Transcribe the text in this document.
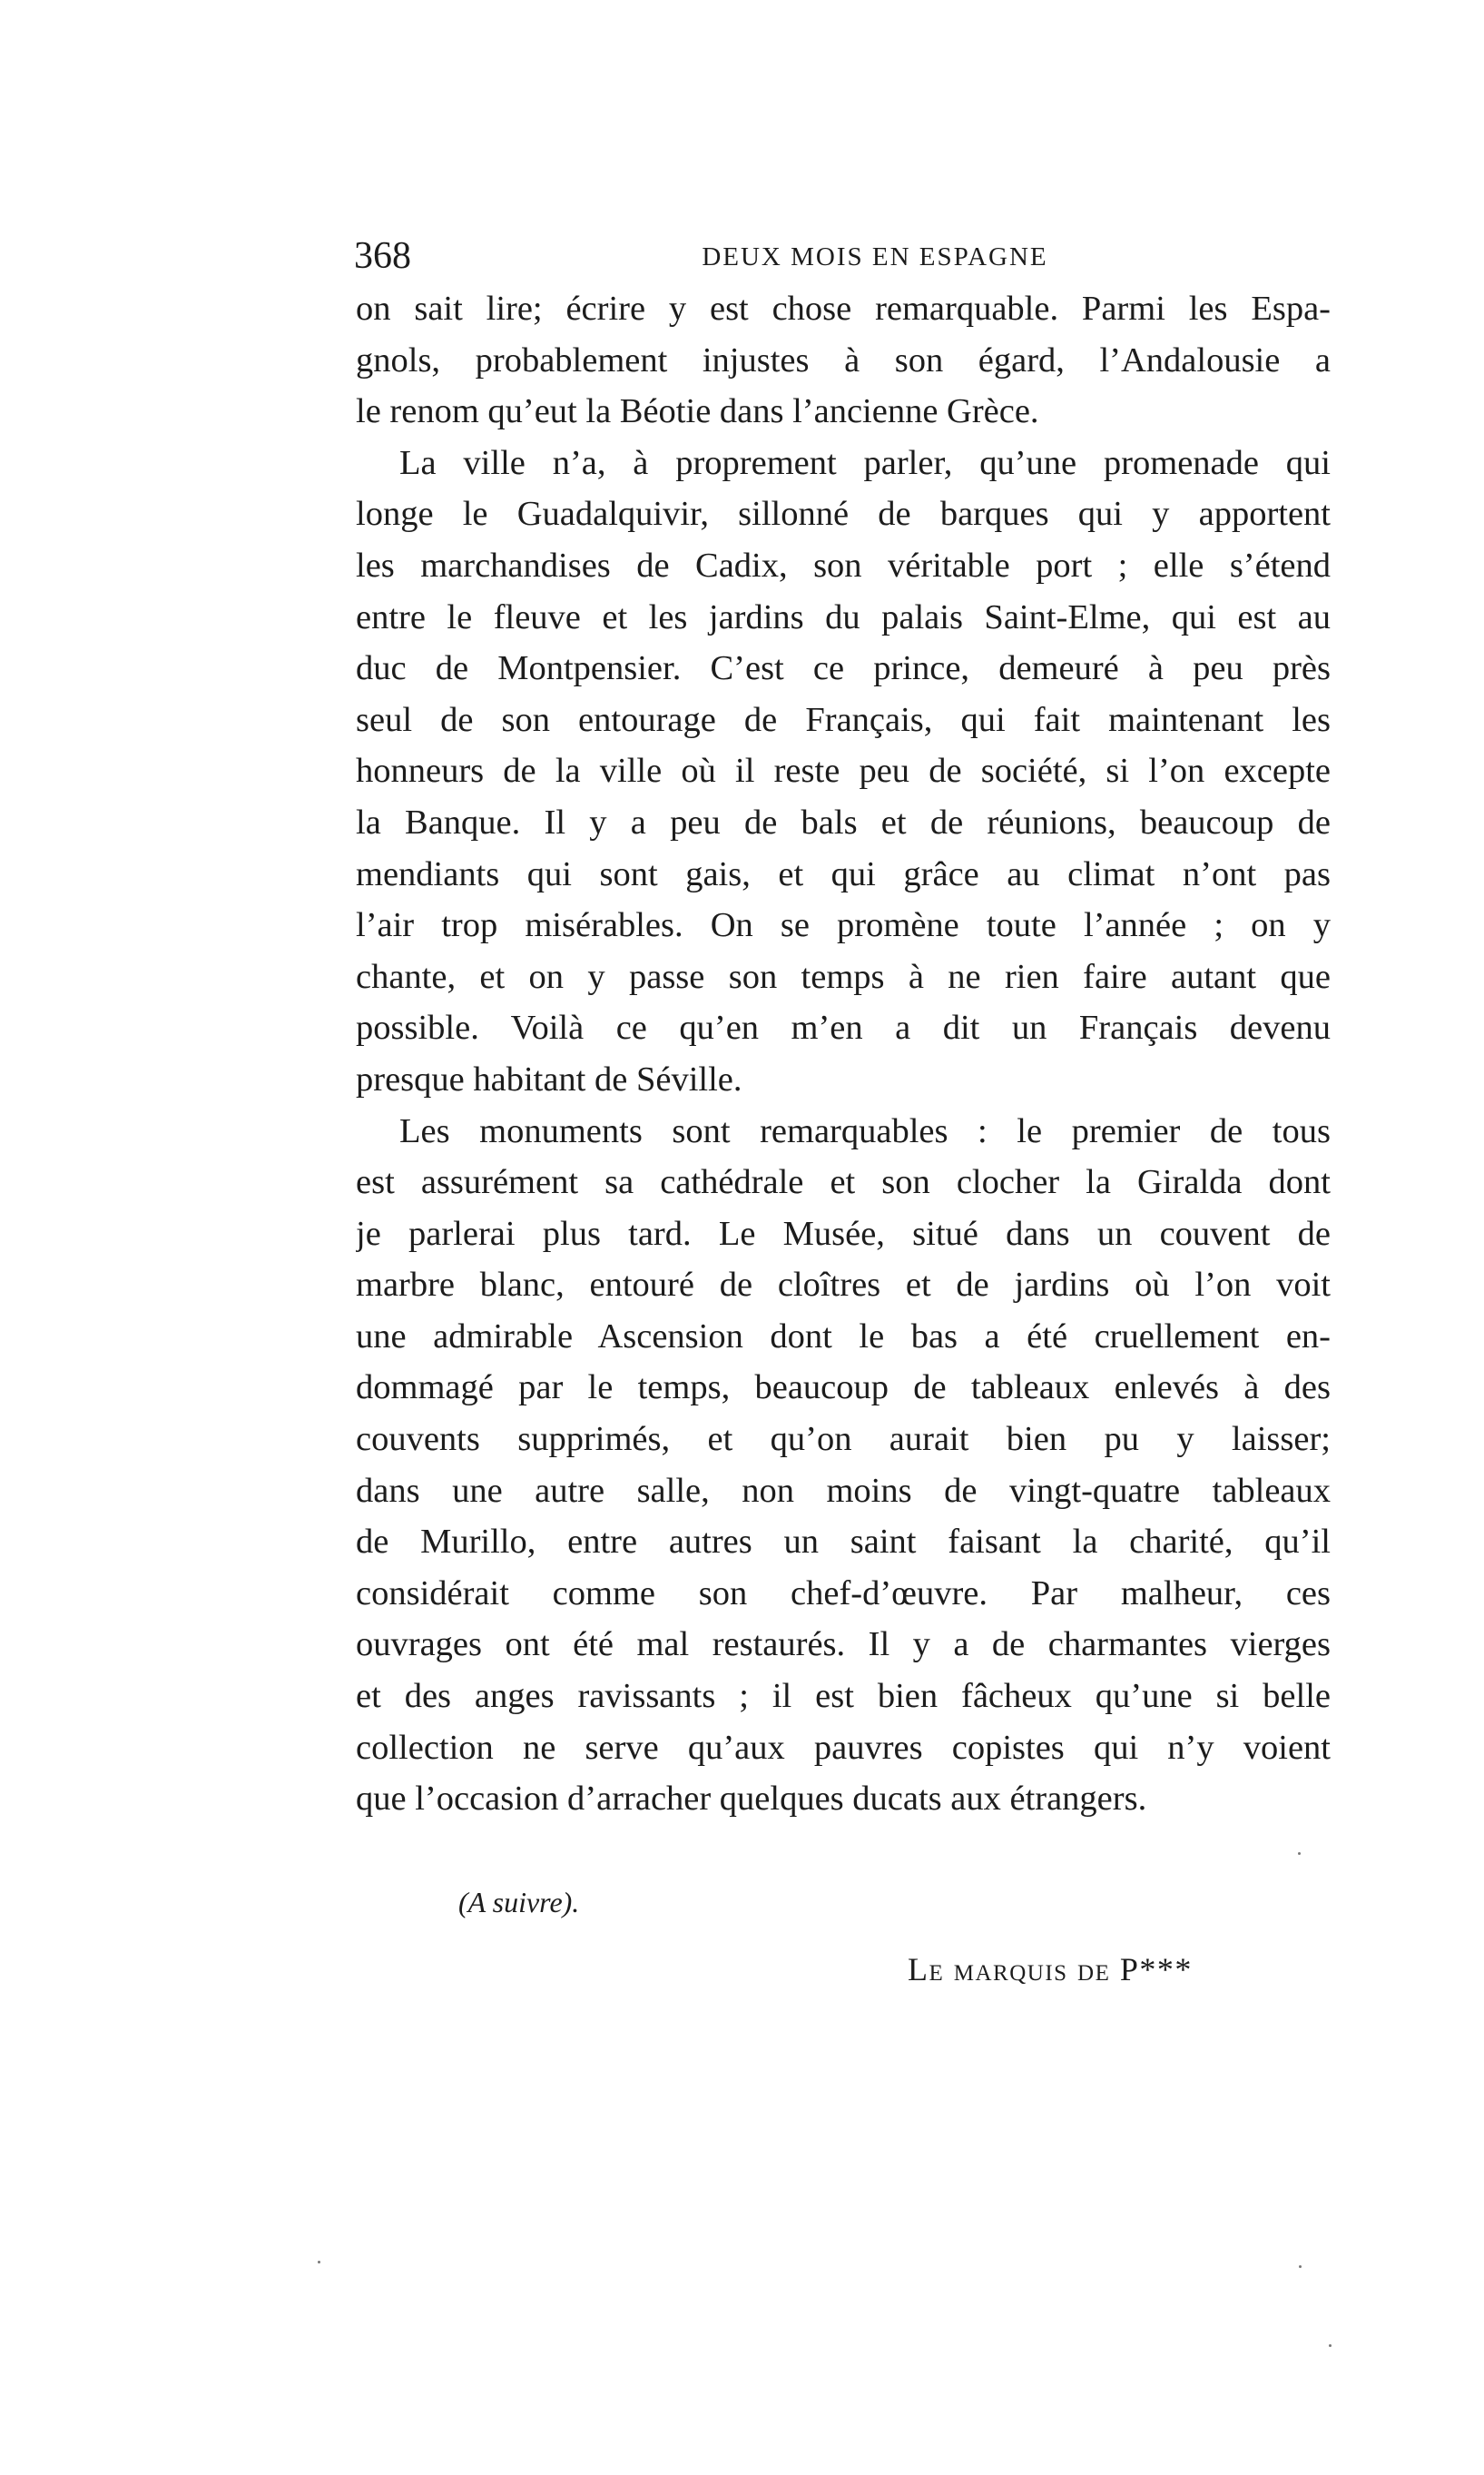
368	DEUX MOIS EN ESPAGNE
on sait lire; écrire y est chose remarquable. Parmi les Espa-
gnols, probablement injustes à son égard, l’Andalousie a
le renom qu’eut la Béotie dans l’ancienne Grèce.
La ville n’a, à proprement parler, qu’une promenade qui
longe le Guadalquivir, sillonné de barques qui y apportent
les marchandises de Cadix, son véritable port ; elle s’étend
entre le fleuve et les jardins du palais Saint-Elme, qui est au
duc de Montpensier. C’est ce prince, demeuré à peu près
seul de son entourage de Français, qui fait maintenant les
honneurs de la ville où il reste peu de société, si l’on excepte
la Banque. Il y a peu de bals et de réunions, beaucoup de
mendiants qui sont gais, et qui grâce au climat n’ont pas
l’air trop misérables. On se promène toute l’année ; on y
chante, et on y passe son temps à ne rien faire autant que
possible. Voilà ce qu’en m’en a dit un Français devenu
presque habitant de Séville.
Les monuments sont remarquables : le premier de tous
est assurément sa cathédrale et son clocher la Giralda dont
je parlerai plus tard. Le Musée, situé dans un couvent de
marbre blanc, entouré de cloîtres et de jardins où l’on voit
une admirable Ascension dont le bas a été cruellement en-
dommagé par le temps, beaucoup de tableaux enlevés à des
couvents supprimés, et qu’on aurait bien pu y laisser;
dans une autre salle, non moins de vingt-quatre tableaux
de Murillo, entre autres un saint faisant la charité, qu’il
considérait comme son chef-d’œuvre. Par malheur, ces
ouvrages ont été mal restaurés. Il y a de charmantes vierges
et des anges ravissants ; il est bien fâcheux qu’une si belle
collection ne serve qu’aux pauvres copistes qui n’y voient
que l’occasion d’arracher quelques ducats aux étrangers.
(A suivre).
Le marquis de P***
